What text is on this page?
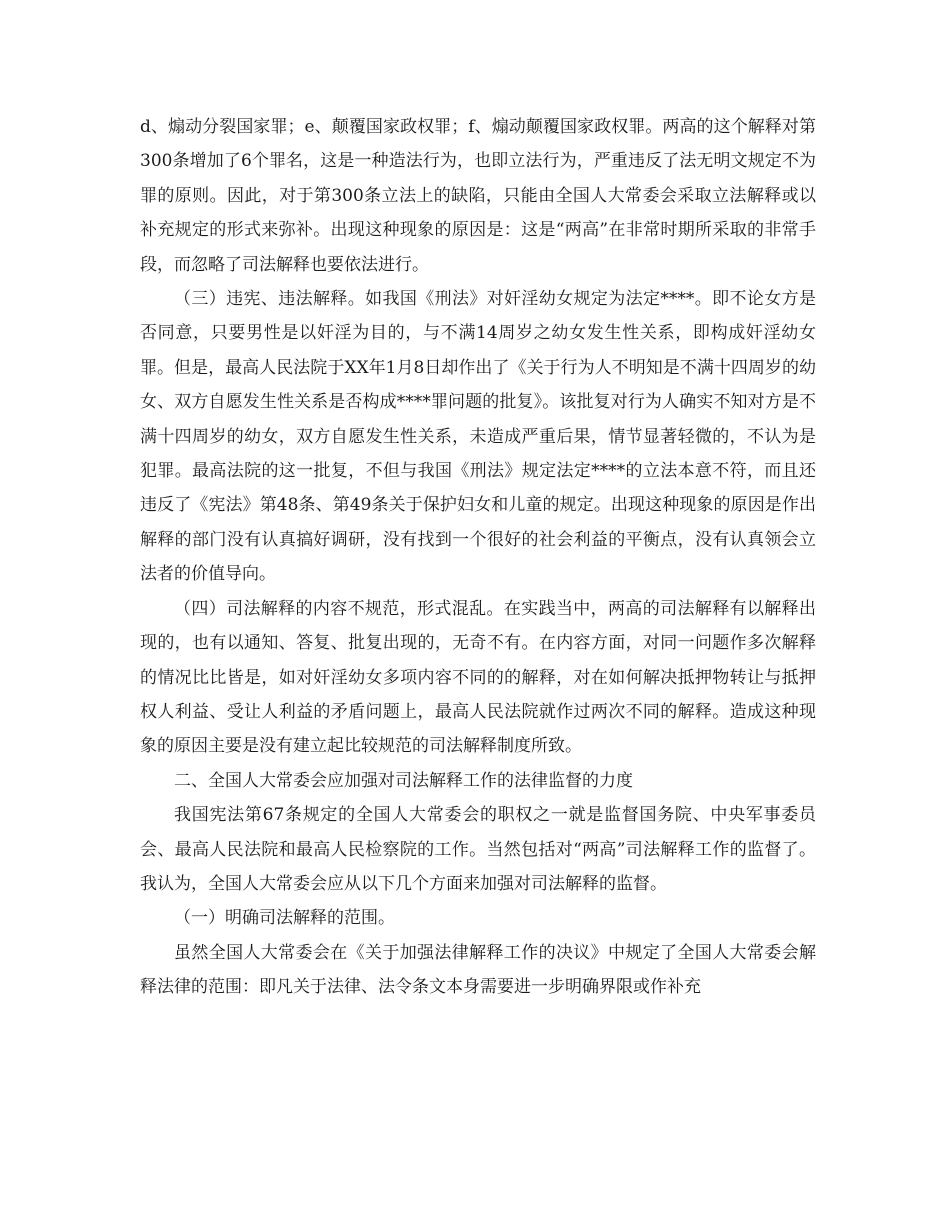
d、煽动分裂国家罪；e、颠覆国家政权罪；f、煽动颠覆国家政权罪。两高的这个解释对第300条增加了6个罪名，这是一种造法行为，也即立法行为，严重违反了法无明文规定不为罪的原则。因此，对于第300条立法上的缺陷，只能由全国人大常委会采取立法解释或以补充规定的形式来弥补。出现这种现象的原因是：这是“两高”在非常时期所采取的非常手段，而忽略了司法解释也要依法进行。

（三）违宪、违法解释。如我国《刑法》对奸淫幼女规定为法定****。即不论女方是否同意，只要男性是以奸淫为目的，与不满14周岁之幼女发生性关系，即构成奸淫幼女罪。但是，最高人民法院于XX年1月8日却作出了《关于行为人不明知是不满十四周岁的幼女、双方自愿发生性关系是否构成****罪问题的批复》。该批复对行为人确实不知对方是不满十四周岁的幼女，双方自愿发生性关系，未造成严重后果，情节显著轻微的，不认为是犯罪。最高法院的这一批复，不但与我国《刑法》规定法定****的立法本意不符，而且还违反了《宪法》第48条、第49条关于保护妇女和儿童的规定。出现这种现象的原因是作出解释的部门没有认真搞好调研，没有找到一个很好的社会利益的平衡点，没有认真领会立法者的价值导向。

（四）司法解释的内容不规范，形式混乱。在实践当中，两高的司法解释有以解释出现的，也有以通知、答复、批复出现的，无奇不有。在内容方面，对同一问题作多次解释的情况比比皆是，如对奸淫幼女多项内容不同的的解释，对在如何解决抵押物转让与抵押权人利益、受让人利益的矛盾问题上，最高人民法院就作过两次不同的解释。造成这种现象的原因主要是没有建立起比较规范的司法解释制度所致。

二、全国人大常委会应加强对司法解释工作的法律监督的力度

我国宪法第67条规定的全国人大常委会的职权之一就是监督国务院、中央军事委员会、最高人民法院和最高人民检察院的工作。当然包括对“两高”司法解释工作的监督了。我认为，全国人大常委会应从以下几个方面来加强对司法解释的监督。

（一）明确司法解释的范围。

虽然全国人大常委会在《关于加强法律解释工作的决议》中规定了全国人大常委会解释法律的范围：即凡关于法律、法令条文本身需要进一步明确界限或作补充
